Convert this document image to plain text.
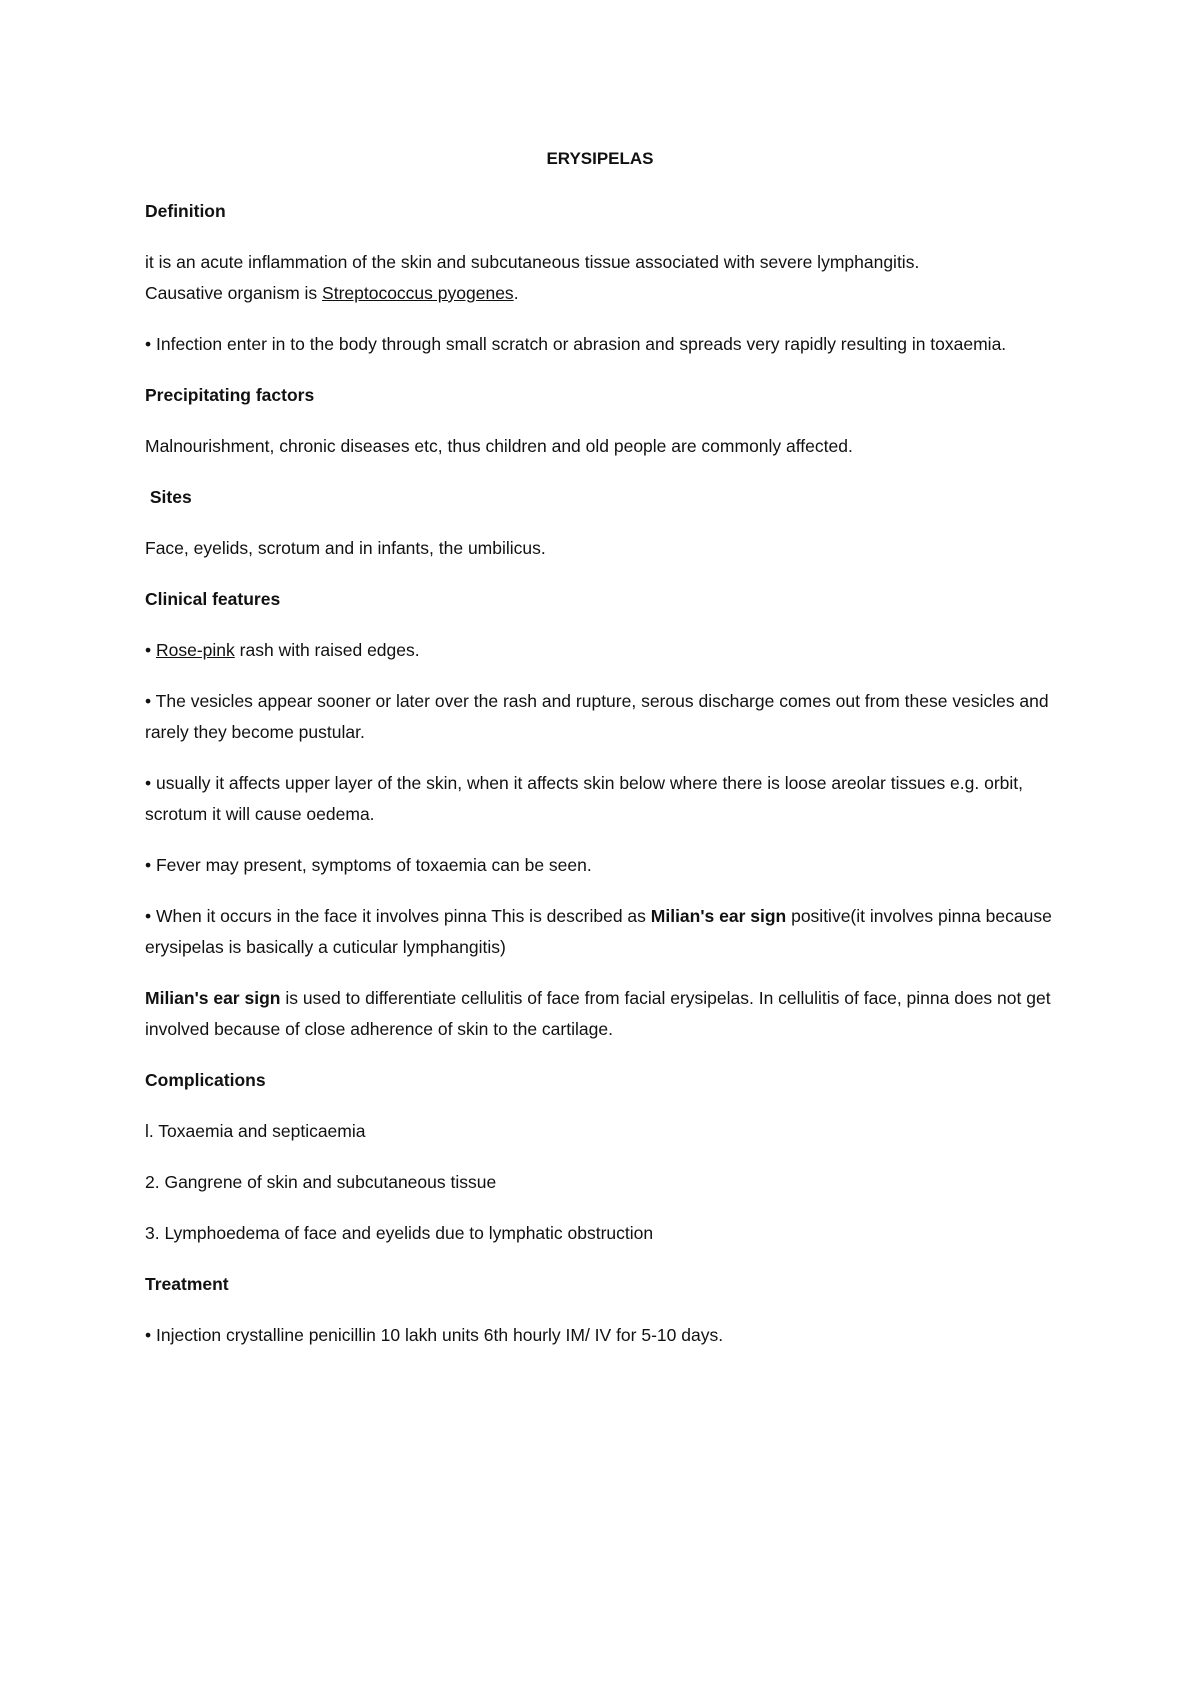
ERYSIPELAS

Definition

it is an acute inflammation of the skin and subcutaneous tissue associated with severe lymphangitis.
Causative organism is Streptococcus pyogenes.

• Infection enter in to the body through small scratch or abrasion and spreads very rapidly resulting in toxaemia.

Precipitating factors

Malnourishment, chronic diseases etc, thus children and old people are commonly affected.

Sites

Face, eyelids, scrotum and in infants, the umbilicus.

Clinical features

• Rose-pink rash with raised edges.

• The vesicles appear sooner or later over the rash and rupture, serous discharge comes out from these vesicles and rarely they become pustular.

• usually it affects upper layer of the skin, when it affects skin below where there is loose areolar tissues e.g. orbit, scrotum it will cause oedema.

• Fever may present, symptoms of toxaemia can be seen.

• When it occurs in the face it involves pinna This is described as Milian's ear sign positive(it involves pinna because erysipelas is basically a cuticular lymphangitis)

Milian's ear sign is used to differentiate cellulitis of face from facial erysipelas. In cellulitis of face, pinna does not get involved because of close adherence of skin to the cartilage.

Complications

l. Toxaemia and septicaemia

2. Gangrene of skin and subcutaneous tissue

3. Lymphoedema of face and eyelids due to lymphatic obstruction

Treatment

• Injection crystalline penicillin 10 lakh units 6th hourly IM/ IV for 5-10 days.
